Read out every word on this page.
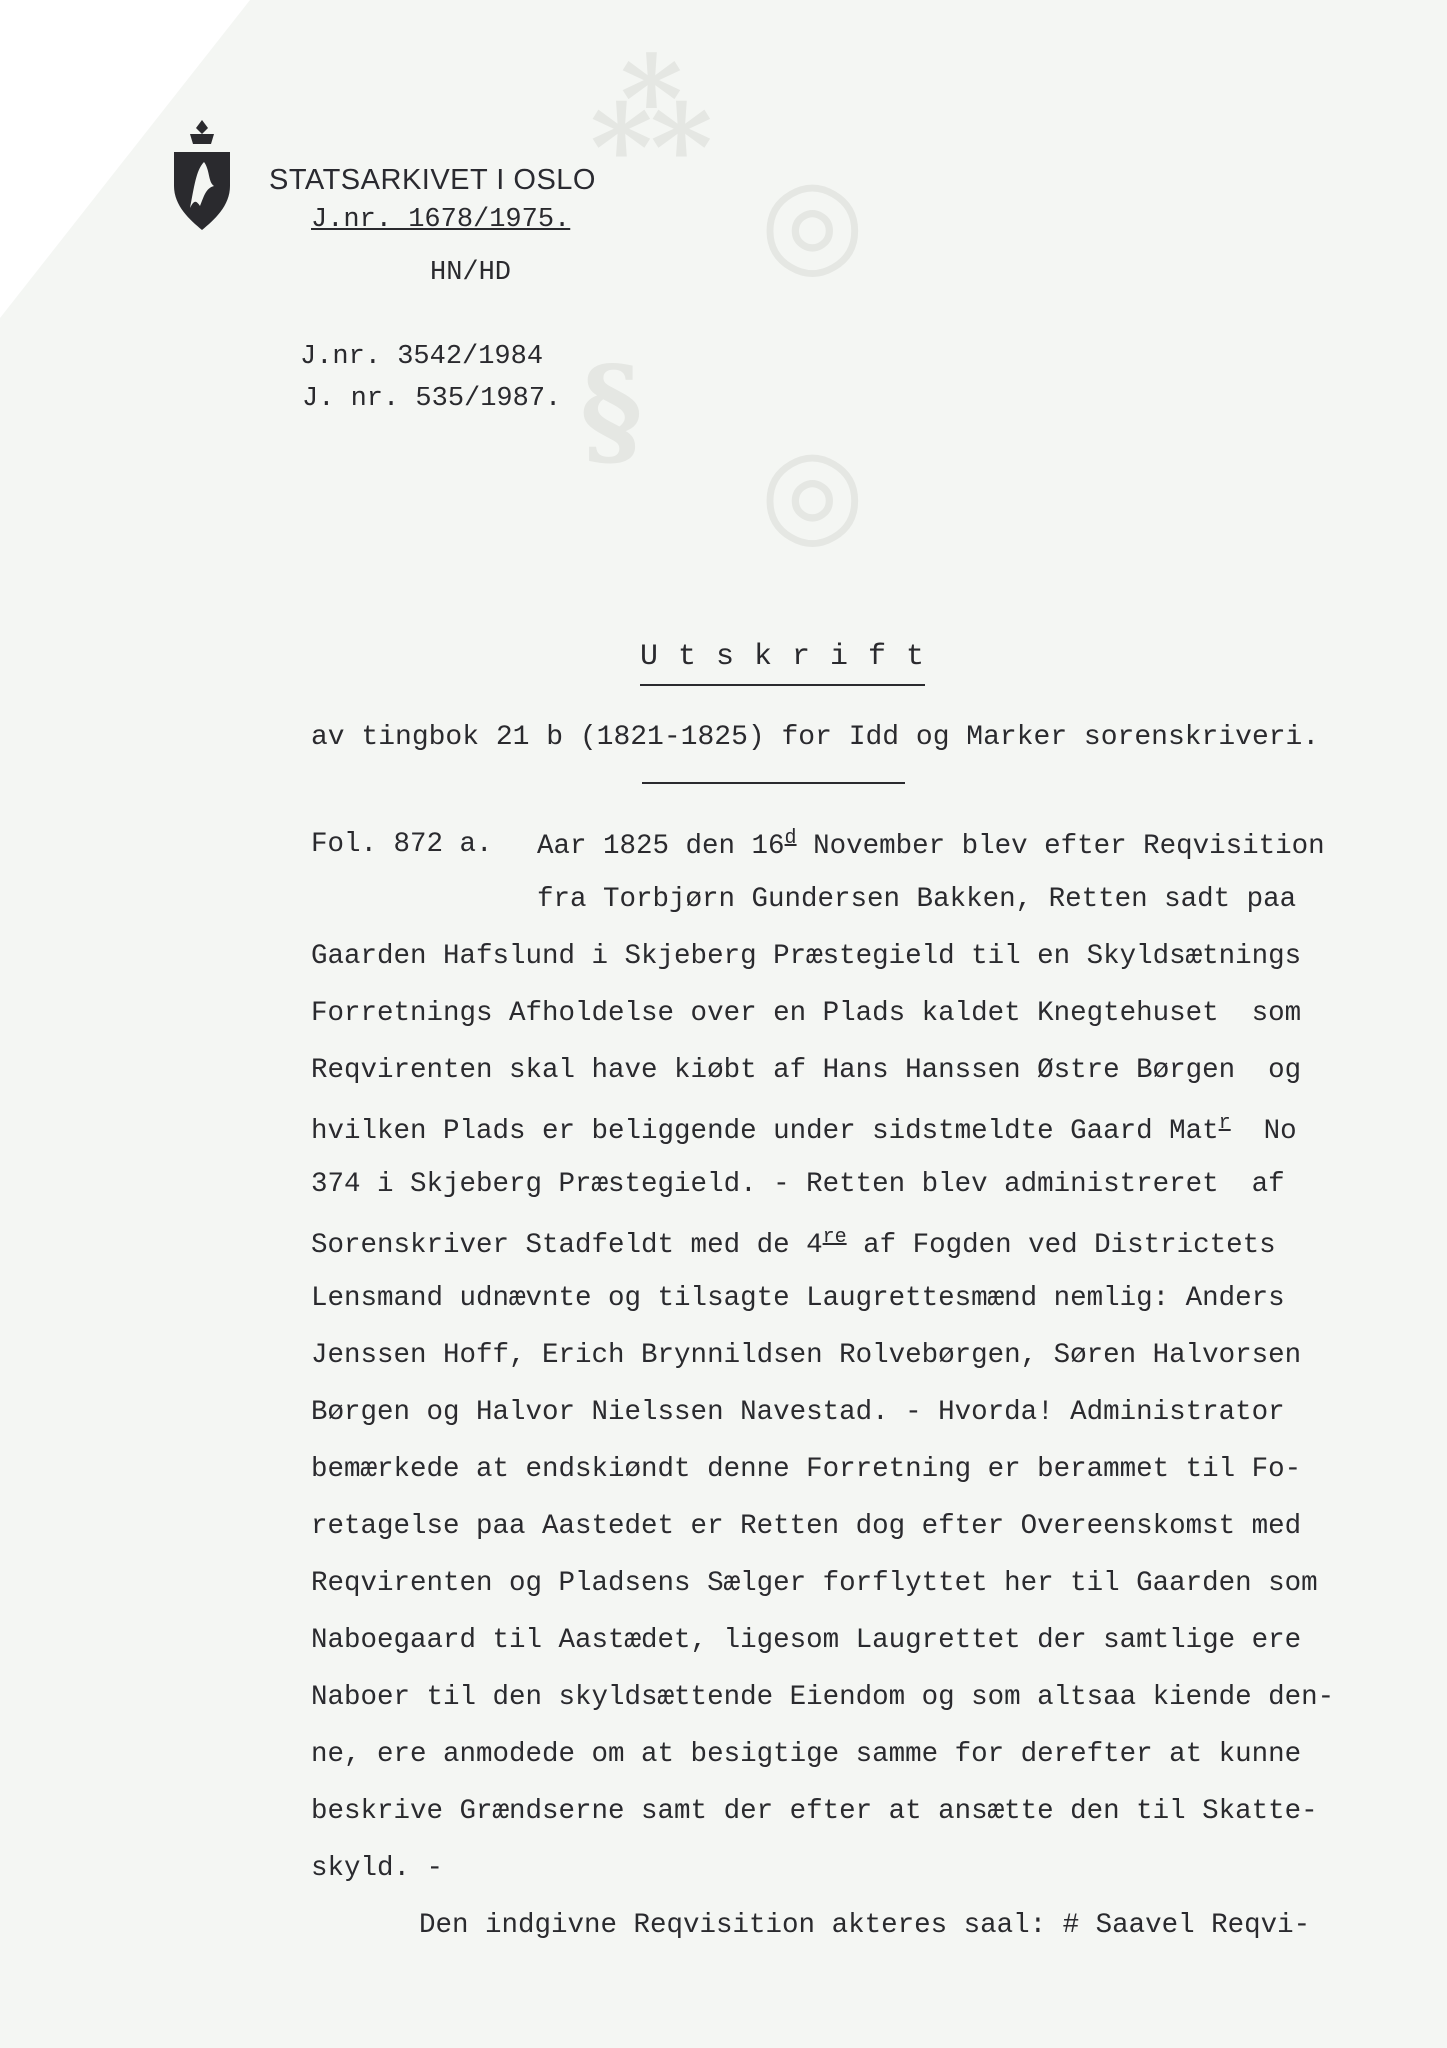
⁂
◎
§
◎
STATSARKIVET I OSLO
J.nr. 1678/1975.
HN/HD
J.nr. 3542/1984
J. nr. 535/1987.
U t s k r i f t
av tingbok 21 b (1821-1825) for Idd og Marker sorenskriveri.
Fol. 872 a. Aar 1825 den 16$^d$ November blev efter Reqvisition
fra Torbjørn Gundersen Bakken, Retten sadt paa
Gaarden Hafslund i Skjeberg Præstegield til en Skyldsætnings
Forretnings Afholdelse over en Plads kaldet Knegtehuset  som
Reqvirenten skal have kiøbt af Hans Hanssen Østre Børgen  og
hvilken Plads er beliggende under sidstmeldte Gaard Mat$^r$  No
374 i Skjeberg Præstegield. - Retten blev administreret  af
Sorenskriver Stadfeldt med de 4re af Fogden ved Districtets
Lensmand udnævnte og tilsagte Laugrettesmænd nemlig: Anders
Jenssen Hoff, Erich Brynnildsen Rolvebørgen, Søren Halvorsen
Børgen og Halvor Nielssen Navestad. - Hvorda! Administrator
bemærkede at endskiøndt denne Forretning er berammet til Fo-
retagelse paa Aastedet er Retten dog efter Overeenskomst med
Reqvirenten og Pladsens Sælger forflyttet her til Gaarden som
Naboegaard til Aastædet, ligesom Laugrettet der samtlige ere
Naboer til den skyldsættende Eiendom og som altsaa kiende den-
ne, ere anmodede om at besigtige samme for derefter at kunne
beskrive Grændserne samt der efter at ansætte den til Skatte-
skyld. -
Den indgivne Reqvisition akteres saal: # Saavel Reqvi-
